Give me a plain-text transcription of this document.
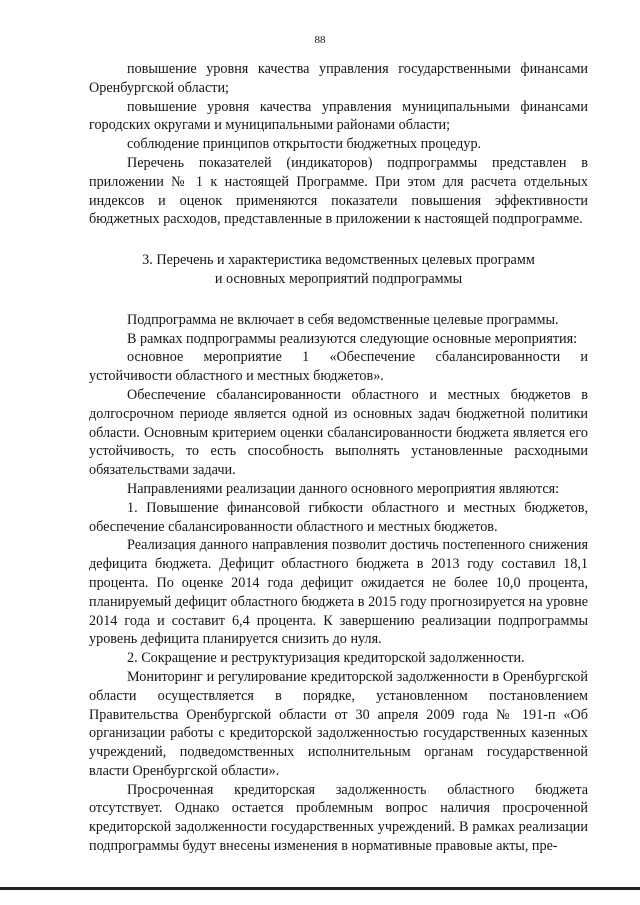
88

повышение уровня качества управления государственными финансами Оренбургской области;

повышение уровня качества управления муниципальными финансами городских округами и муниципальными районами области;

соблюдение принципов открытости бюджетных процедур.

Перечень показателей (индикаторов) подпрограммы представлен в приложении № 1 к настоящей Программе. При этом для расчета отдельных индексов и оценок применяются показатели повышения эффективности бюджетных расходов, представленные в приложении к настоящей подпрограмме.

3. Перечень и характеристика ведомственных целевых программ
и основных мероприятий подпрограммы

Подпрограмма не включает в себя ведомственные целевые программы.

В рамках подпрограммы реализуются следующие основные мероприятия:

основное мероприятие 1 «Обеспечение сбалансированности и устойчивости областного и местных бюджетов».

Обеспечение сбалансированности областного и местных бюджетов в долгосрочном периоде является одной из основных задач бюджетной политики области. Основным критерием оценки сбалансированности бюджета является его устойчивость, то есть способность выполнять установленные расходными обязательствами задачи.

Направлениями реализации данного основного мероприятия являются:

1. Повышение финансовой гибкости областного и местных бюджетов, обеспечение сбалансированности областного и местных бюджетов.

Реализация данного направления позволит достичь постепенного снижения дефицита бюджета. Дефицит областного бюджета в 2013 году составил 18,1 процента. По оценке 2014 года дефицит ожидается не более 10,0 процента, планируемый дефицит областного бюджета в 2015 году прогнозируется на уровне 2014 года и составит 6,4 процента. К завершению реализации подпрограммы уровень дефицита планируется снизить до нуля.

2. Сокращение и реструктуризация кредиторской задолженности.

Мониторинг и регулирование кредиторской задолженности в Оренбургской области осуществляется в порядке, установленном постановлением Правительства Оренбургской области от 30 апреля 2009 года № 191-п «Об организации работы с кредиторской задолженностью государственных казенных учреждений, подведомственных исполнительным органам государственной власти Оренбургской области».

Просроченная кредиторская задолженность областного бюджета отсутствует. Однако остается проблемным вопрос наличия просроченной кредиторской задолженности государственных учреждений. В рамках реализации подпрограммы будут внесены изменения в нормативные правовые акты, пре-
